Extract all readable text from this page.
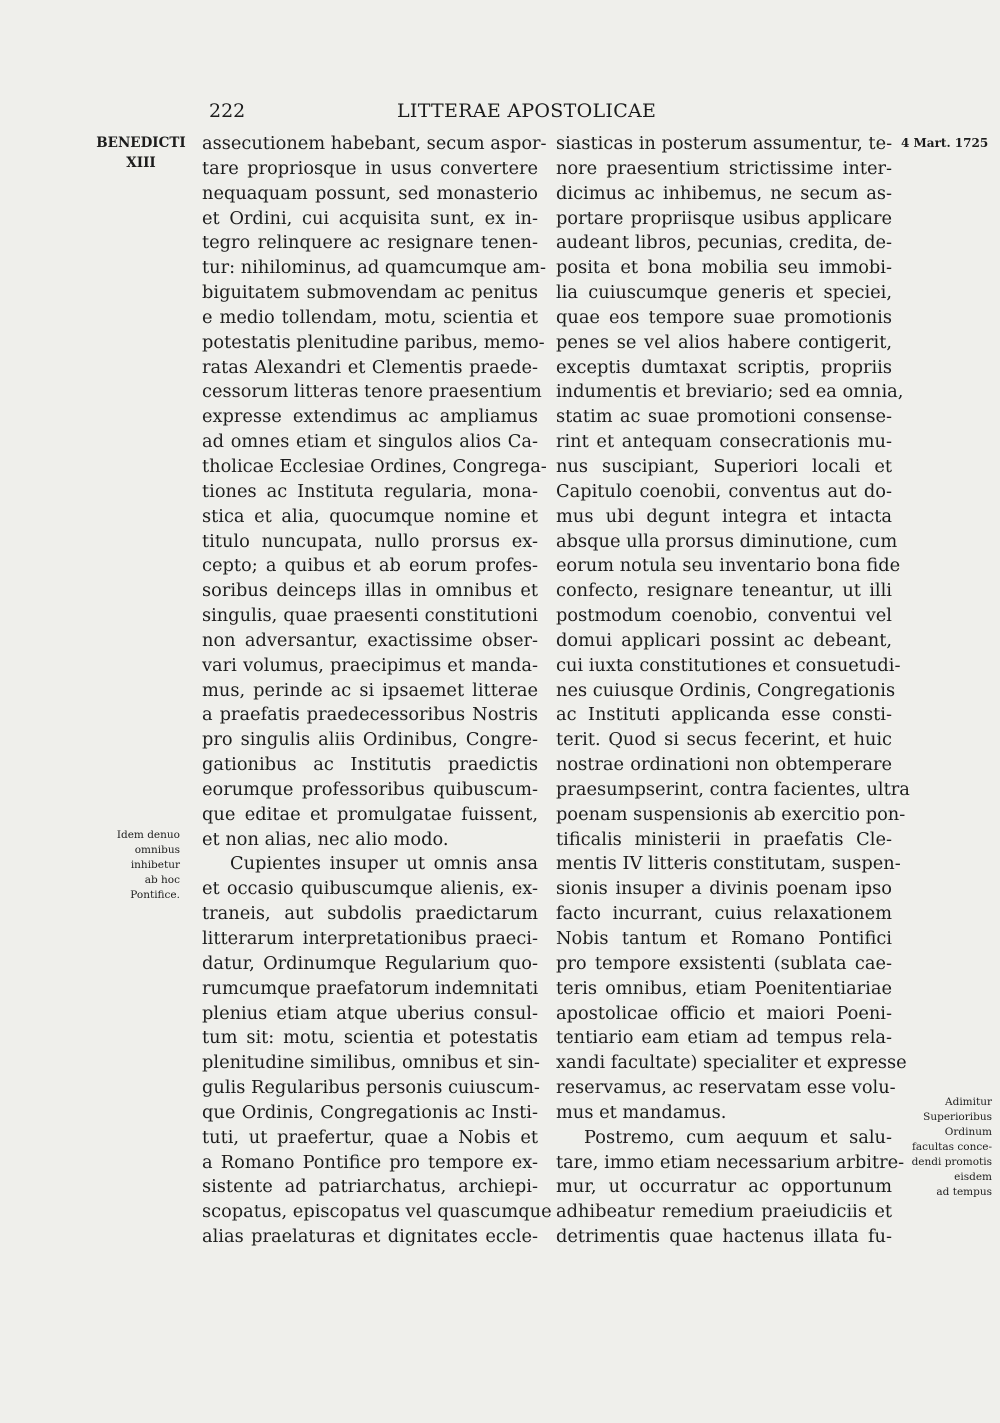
222	LITTERAE APOSTOLICAE
BENEDICTI
XIII
4 Mart. 1725
Idem denuo
omnibus
inhibetur
ab hoc
Pontifice.
Adimitur
Superioribus
Ordinum
facultas conce-
dendi promotis
eisdem
ad tempus
assecutionem habebant, secum aspor-
tare propriosque in usus convertere
nequaquam possunt, sed monasterio
et Ordini, cui acquisita sunt, ex in-
tegro relinquere ac resignare tenen-
tur: nihilominus, ad quamcumque am-
biguitatem submovendam ac penitus
e medio tollendam, motu, scientia et
potestatis plenitudine paribus, memo-
ratas Alexandri et Clementis praede-
cessorum litteras tenore praesentium
expresse extendimus ac ampliamus
ad omnes etiam et singulos alios Ca-
tholicae Ecclesiae Ordines, Congrega-
tiones ac Instituta regularia, mona-
stica et alia, quocumque nomine et
titulo nuncupata, nullo prorsus ex-
cepto; a quibus et ab eorum profes-
soribus deinceps illas in omnibus et
singulis, quae praesenti constitutioni
non adversantur, exactissime obser-
vari volumus, praecipimus et manda-
mus, perinde ac si ipsaemet litterae
a praefatis praedecessoribus Nostris
pro singulis aliis Ordinibus, Congre-
gationibus ac Institutis praedictis
eorumque professoribus quibuscum-
que editae et promulgatae fuissent,
et non alias, nec alio modo.
Cupientes insuper ut omnis ansa
et occasio quibuscumque alienis, ex-
traneis, aut subdolis praedictarum
litterarum interpretationibus praeci-
datur, Ordinumque Regularium quo-
rumcumque praefatorum indemnitati
plenius etiam atque uberius consul-
tum sit: motu, scientia et potestatis
plenitudine similibus, omnibus et sin-
gulis Regularibus personis cuiuscum-
que Ordinis, Congregationis ac Insti-
tuti, ut praefertur, quae a Nobis et
a Romano Pontifice pro tempore ex-
sistente ad patriarchatus, archiepi-
scopatus, episcopatus vel quascumque
alias praelaturas et dignitates eccle-
siasticas in posterum assumentur, te-
nore praesentium strictissime inter-
dicimus ac inhibemus, ne secum as-
portare propriisque usibus applicare
audeant libros, pecunias, credita, de-
posita et bona mobilia seu immobi-
lia cuiuscumque generis et speciei,
quae eos tempore suae promotionis
penes se vel alios habere contigerit,
exceptis dumtaxat scriptis, propriis
indumentis et breviario; sed ea omnia,
statim ac suae promotioni consense-
rint et antequam consecrationis mu-
nus suscipiant, Superiori locali et
Capitulo coenobii, conventus aut do-
mus ubi degunt integra et intacta
absque ulla prorsus diminutione, cum
eorum notula seu inventario bona fide
confecto, resignare teneantur, ut illi
postmodum coenobio, conventui vel
domui applicari possint ac debeant,
cui iuxta constitutiones et consuetudi-
nes cuiusque Ordinis, Congregationis
ac Instituti applicanda esse consti-
terit. Quod si secus fecerint, et huic
nostrae ordinationi non obtemperare
praesumpserint, contra facientes, ultra
poenam suspensionis ab exercitio pon-
tificalis ministerii in praefatis Cle-
mentis IV litteris constitutam, suspen-
sionis insuper a divinis poenam ipso
facto incurrant, cuius relaxationem
Nobis tantum et Romano Pontifici
pro tempore exsistenti (sublata cae-
teris omnibus, etiam Poenitentiariae
apostolicae officio et maiori Poeni-
tentiario eam etiam ad tempus rela-
xandi facultate) specialiter et expresse
reservamus, ac reservatam esse volu-
mus et mandamus.
Postremo, cum aequum et salu-
tare, immo etiam necessarium arbitre-
mur, ut occurratur ac opportunum
adhibeatur remedium praeiudiciis et
detrimentis quae hactenus illata fu-
